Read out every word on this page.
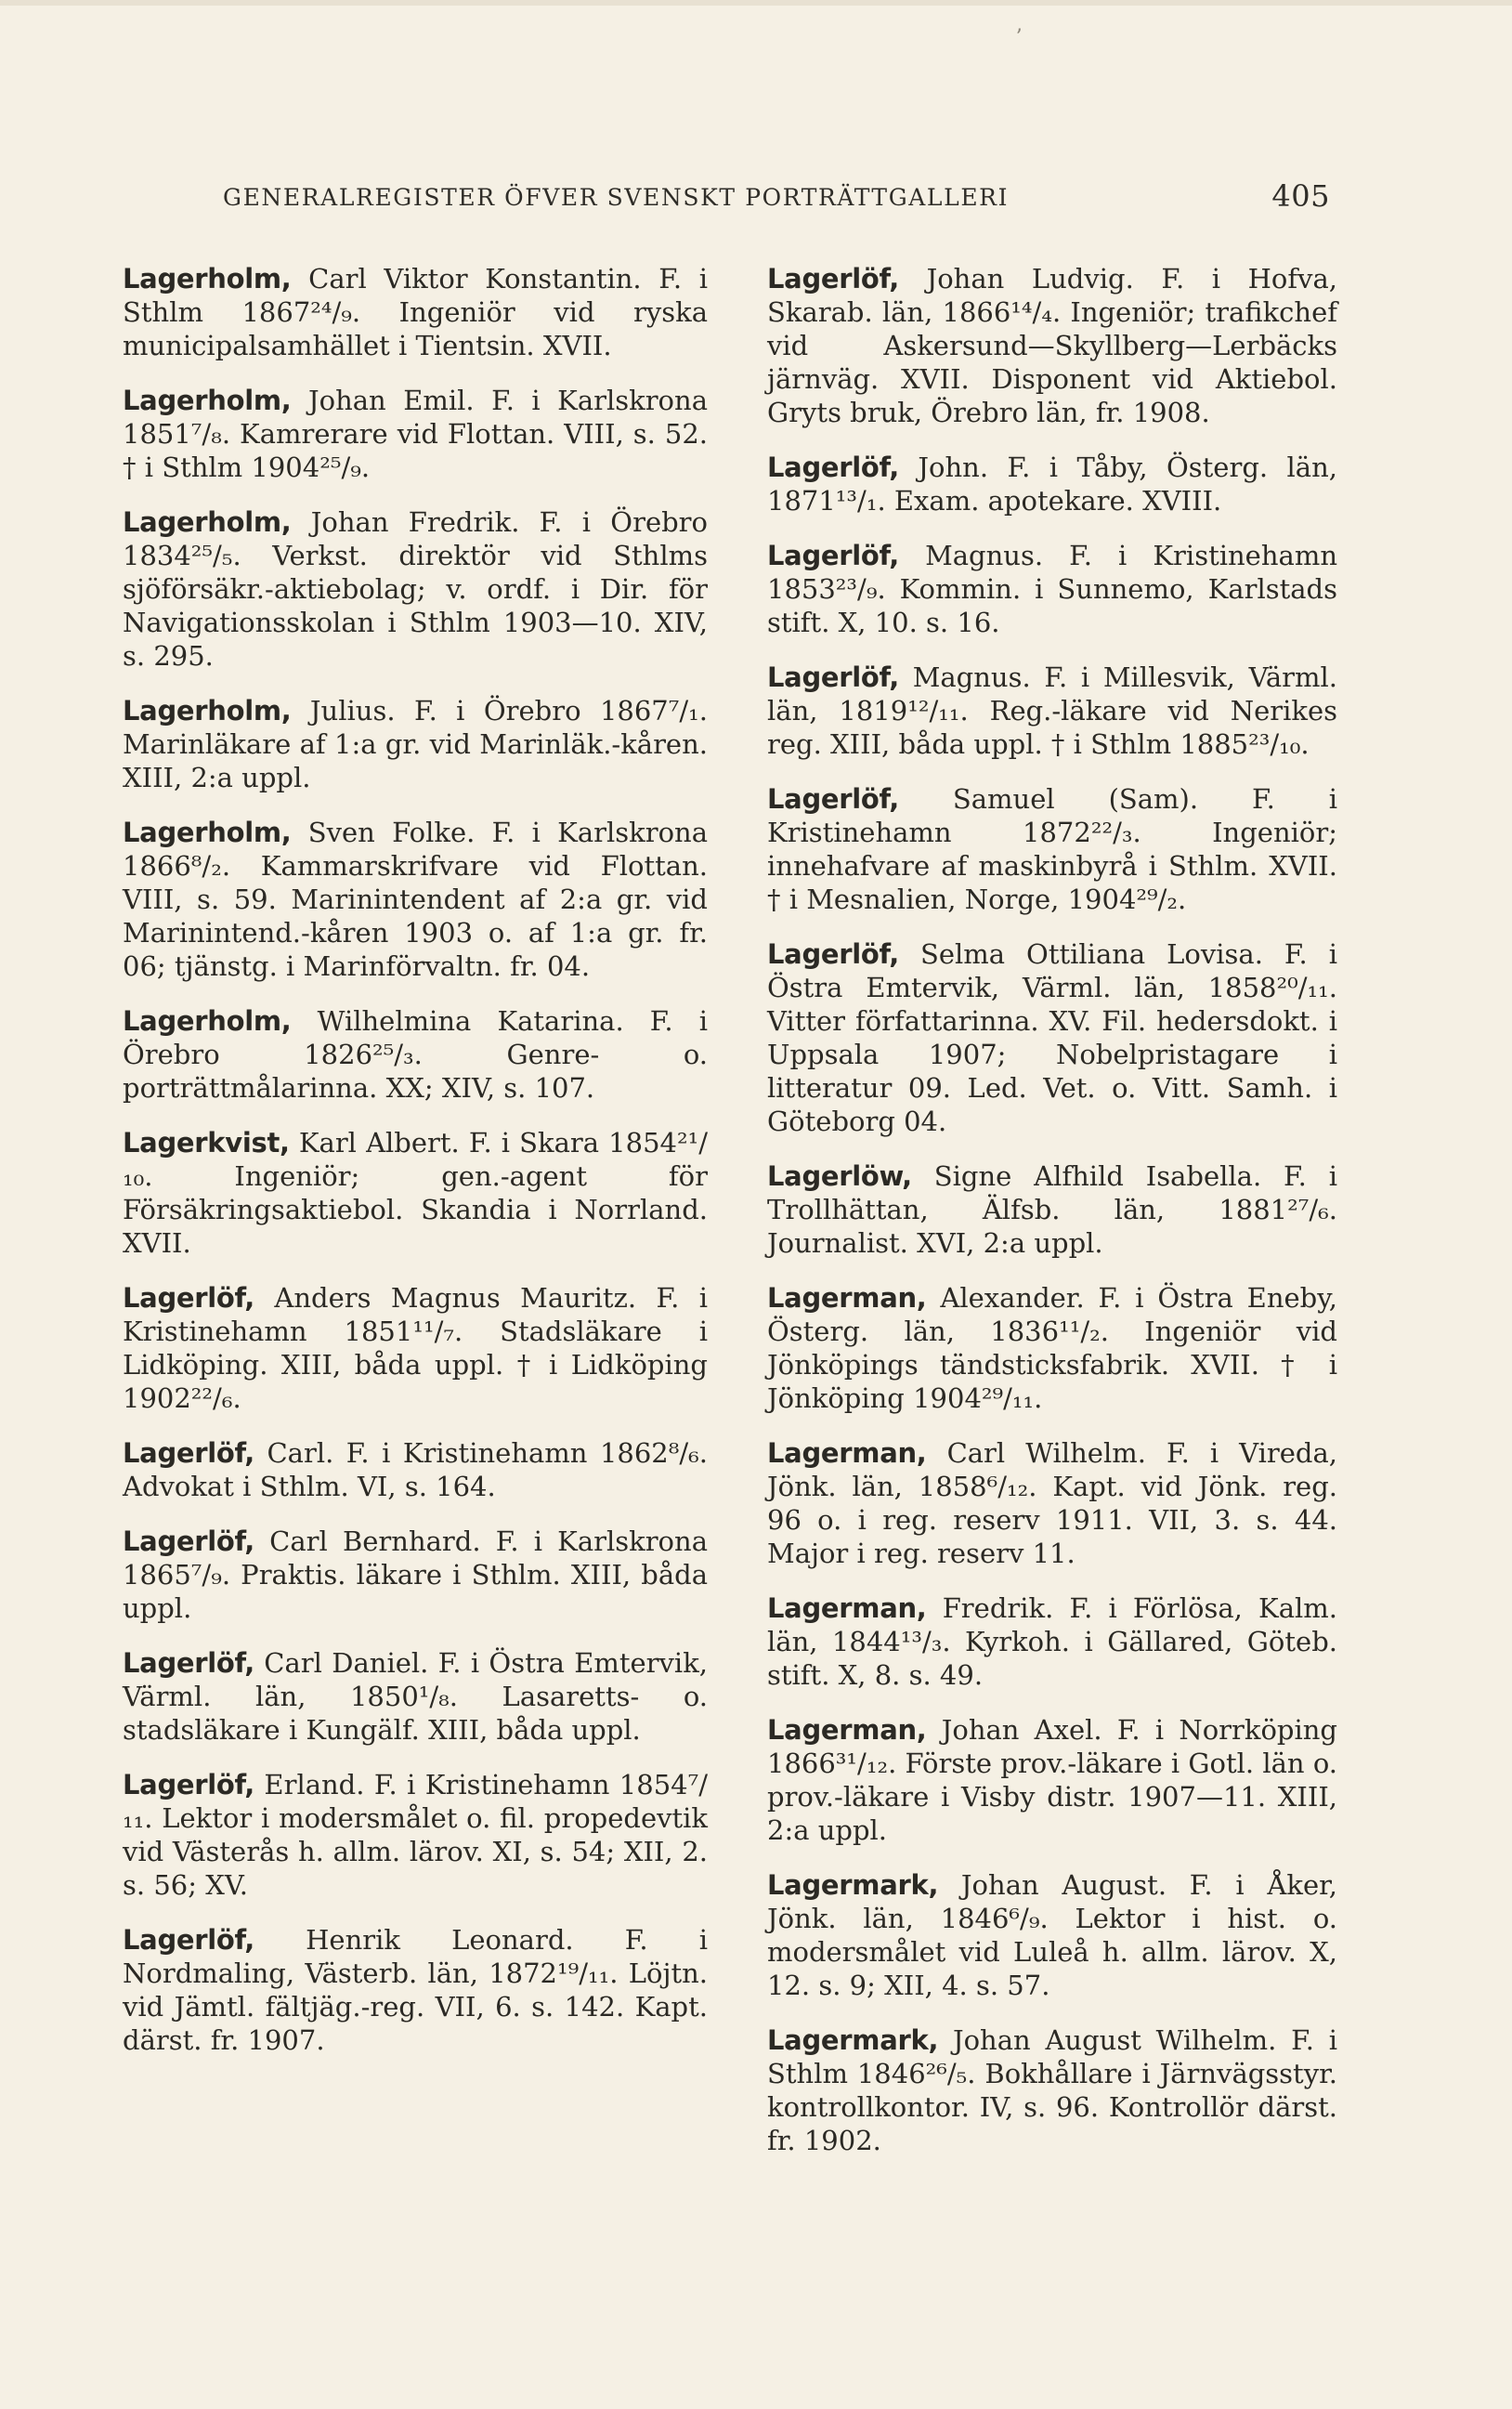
ʼ
GENERALREGISTER ÖFVER SVENSKT PORTRÄTTGALLERI	405

Lagerholm, Carl Viktor Konstantin. F. i Sthlm 1867²⁴/₉. Ingeniör vid ryska municipalsamhället i Tientsin. XVII.

Lagerholm, Johan Emil. F. i Karlskrona 1851⁷/₈. Kamrerare vid Flottan. VIII, s. 52. † i Sthlm 1904²⁵/₉.

Lagerholm, Johan Fredrik. F. i Örebro 1834²⁵/₅. Verkst. direktör vid Sthlms sjöförsäkr.-aktiebolag; v. ordf. i Dir. för Navigationsskolan i Sthlm 1903—10. XIV, s. 295.

Lagerholm, Julius. F. i Örebro 1867⁷/₁. Marinläkare af 1:a gr. vid Marinläk.-kåren. XIII, 2:a uppl.

Lagerholm, Sven Folke. F. i Karlskrona 1866⁸/₂. Kammarskrifvare vid Flottan. VIII, s. 59. Marinintendent af 2:a gr. vid Marinintend.-kåren 1903 o. af 1:a gr. fr. 06; tjänstg. i Marinförvaltn. fr. 04.

Lagerholm, Wilhelmina Katarina. F. i Örebro 1826²⁵/₃. Genre- o. porträttmålarinna. XX; XIV, s. 107.

Lagerkvist, Karl Albert. F. i Skara 1854²¹/₁₀. Ingeniör; gen.-agent för Försäkringsaktiebol. Skandia i Norrland. XVII.

Lagerlöf, Anders Magnus Mauritz. F. i Kristinehamn 1851¹¹/₇. Stadsläkare i Lidköping. XIII, båda uppl. † i Lidköping 1902²²/₆.

Lagerlöf, Carl. F. i Kristinehamn 1862⁸/₆. Advokat i Sthlm. VI, s. 164.

Lagerlöf, Carl Bernhard. F. i Karlskrona 1865⁷/₉. Praktis. läkare i Sthlm. XIII, båda uppl.

Lagerlöf, Carl Daniel. F. i Östra Emtervik, Värml. län, 1850¹/₈. Lasaretts- o. stadsläkare i Kungälf. XIII, båda uppl.

Lagerlöf, Erland. F. i Kristinehamn 1854⁷/₁₁. Lektor i modersmålet o. fil. propedevtik vid Västerås h. allm. lärov. XI, s. 54; XII, 2. s. 56; XV.

Lagerlöf, Henrik Leonard. F. i Nordmaling, Västerb. län, 1872¹⁹/₁₁. Löjtn. vid Jämtl. fältjäg.-reg. VII, 6. s. 142. Kapt. därst. fr. 1907.

Lagerlöf, Johan Ludvig. F. i Hofva, Skarab. län, 1866¹⁴/₄. Ingeniör; trafikchef vid Askersund—Skyllberg—Lerbäcks järnväg. XVII. Disponent vid Aktiebol. Gryts bruk, Örebro län, fr. 1908.

Lagerlöf, John. F. i Tåby, Österg. län, 1871¹³/₁. Exam. apotekare. XVIII.

Lagerlöf, Magnus. F. i Kristinehamn 1853²³/₉. Kommin. i Sunnemo, Karlstads stift. X, 10. s. 16.

Lagerlöf, Magnus. F. i Millesvik, Värml. län, 1819¹²/₁₁. Reg.-läkare vid Nerikes reg. XIII, båda uppl. † i Sthlm 1885²³/₁₀.

Lagerlöf, Samuel (Sam). F. i Kristinehamn 1872²²/₃. Ingeniör; innehafvare af maskinbyrå i Sthlm. XVII. † i Mesnalien, Norge, 1904²⁹/₂.

Lagerlöf, Selma Ottiliana Lovisa. F. i Östra Emtervik, Värml. län, 1858²⁰/₁₁. Vitter författarinna. XV. Fil. hedersdokt. i Uppsala 1907; Nobelpristagare i litteratur 09. Led. Vet. o. Vitt. Samh. i Göteborg 04.

Lagerlöw, Signe Alfhild Isabella. F. i Trollhättan, Älfsb. län, 1881²⁷/₆. Journalist. XVI, 2:a uppl.

Lagerman, Alexander. F. i Östra Eneby, Österg. län, 1836¹¹/₂. Ingeniör vid Jönköpings tändsticksfabrik. XVII. † i Jönköping 1904²⁹/₁₁.

Lagerman, Carl Wilhelm. F. i Vireda, Jönk. län, 1858⁶/₁₂. Kapt. vid Jönk. reg. 96 o. i reg. reserv 1911. VII, 3. s. 44. Major i reg. reserv 11.

Lagerman, Fredrik. F. i Förlösa, Kalm. län, 1844¹³/₃. Kyrkoh. i Gällared, Göteb. stift. X, 8. s. 49.

Lagerman, Johan Axel. F. i Norrköping 1866³¹/₁₂. Förste prov.-läkare i Gotl. län o. prov.-läkare i Visby distr. 1907—11. XIII, 2:a uppl.

Lagermark, Johan August. F. i Åker, Jönk. län, 1846⁶/₉. Lektor i hist. o. modersmålet vid Luleå h. allm. lärov. X, 12. s. 9; XII, 4. s. 57.

Lagermark, Johan August Wilhelm. F. i Sthlm 1846²⁶/₅. Bokhållare i Järnvägsstyr. kontrollkontor. IV, s. 96. Kontrollör därst. fr. 1902.
